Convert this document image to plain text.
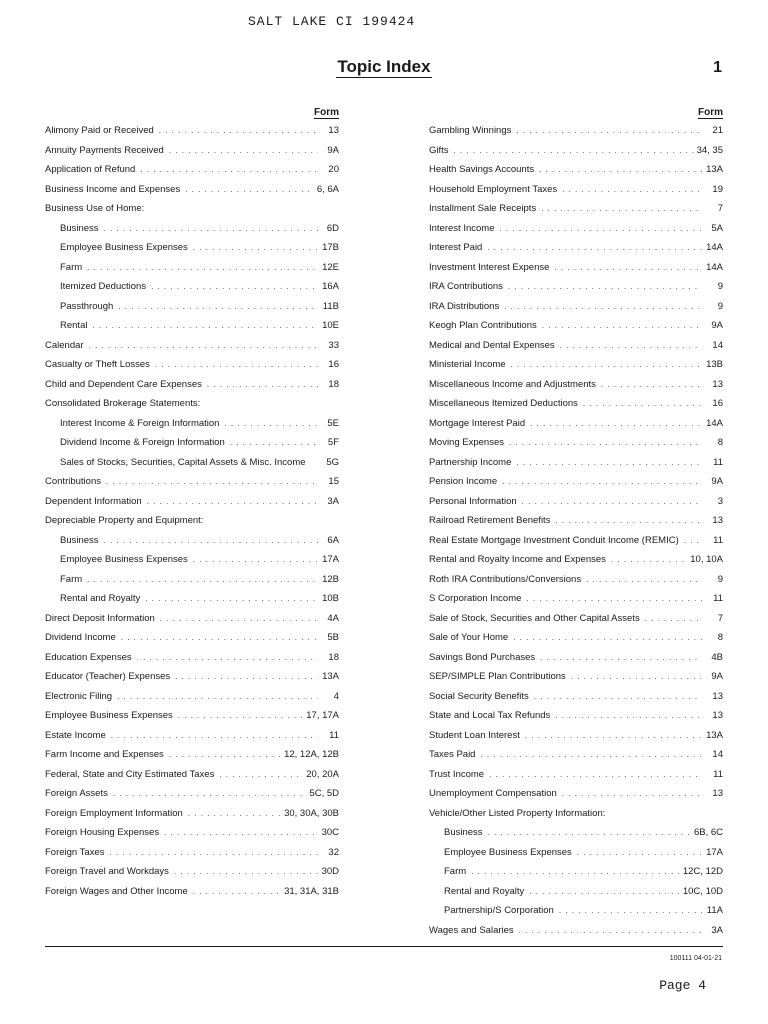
SALT LAKE CI 199424
Topic Index	1
Form
Alimony Paid or Received . . .	13
Annuity Payments Received . . .	9A
Application of Refund . . .	20
Business Income and Expenses . . .	6, 6A
Business Use of Home:
Business . . .	6D
Employee Business Expenses . . .	17B
Farm . . .	12E
Itemized Deductions . . .	16A
Passthrough . . .	11B
Rental . . .	10E
Calendar . . .	33
Casualty or Theft Losses . . .	16
Child and Dependent Care Expenses . . .	18
Consolidated Brokerage Statements:
Interest Income & Foreign Information . . .	5E
Dividend Income & Foreign Information . . .	5F
Sales of Stocks, Securities, Capital Assets & Misc. Income	5G
Contributions . . .	15
Dependent Information . . .	3A
Depreciable Property and Equipment:
Business . . .	6A
Employee Business Expenses . . .	17A
Farm . . .	12B
Rental and Royalty . . .	10B
Direct Deposit Information . . .	4A
Dividend Income . . .	5B
Education Expenses . . .	18
Educator (Teacher) Expenses . . .	13A
Electronic Filing . . .	4
Employee Business Expenses . . .	17, 17A
Estate Income . . .	11
Farm Income and Expenses . . .	12, 12A, 12B
Federal, State and City Estimated Taxes . . .	20, 20A
Foreign Assets . . .	5C, 5D
Foreign Employment Information . . .	30, 30A, 30B
Foreign Housing Expenses . . .	30C
Foreign Taxes . . .	32
Foreign Travel and Workdays . . .	30D
Foreign Wages and Other Income . . .	31, 31A, 31B
Form
Gambling Winnings . . .	21
Gifts . . .	34, 35
Health Savings Accounts . . .	13A
Household Employment Taxes . . .	19
Installment Sale Receipts . . .	7
Interest Income . . .	5A
Interest Paid . . .	14A
Investment Interest Expense . . .	14A
IRA Contributions . . .	9
IRA Distributions . . .	9
Keogh Plan Contributions . . .	9A
Medical and Dental Expenses . . .	14
Ministerial Income . . .	13B
Miscellaneous Income and Adjustments . . .	13
Miscellaneous Itemized Deductions . . .	16
Mortgage Interest Paid . . .	14A
Moving Expenses . . .	8
Partnership Income . . .	11
Pension Income . . .	9A
Personal Information . . .	3
Railroad Retirement Benefits . . .	13
Real Estate Mortgage Investment Conduit Income (REMIC) . . .	11
Rental and Royalty Income and Expenses . . .	10, 10A
Roth IRA Contributions/Conversions . . .	9
S Corporation Income . . .	11
Sale of Stock, Securities and Other Capital Assets . . .	7
Sale of Your Home . . .	8
Savings Bond Purchases . . .	4B
SEP/SIMPLE Plan Contributions . . .	9A
Social Security Benefits . . .	13
State and Local Tax Refunds . . .	13
Student Loan Interest . . .	13A
Taxes Paid . . .	14
Trust Income . . .	11
Unemployment Compensation . . .	13
Vehicle/Other Listed Property Information:
Business . . .	6B, 6C
Employee Business Expenses . . .	17A
Farm . . .	12C, 12D
Rental and Royalty . . .	10C, 10D
Partnership/S Corporation . . .	11A
Wages and Salaries . . .	3A
100111 04-01-21
Page 4
